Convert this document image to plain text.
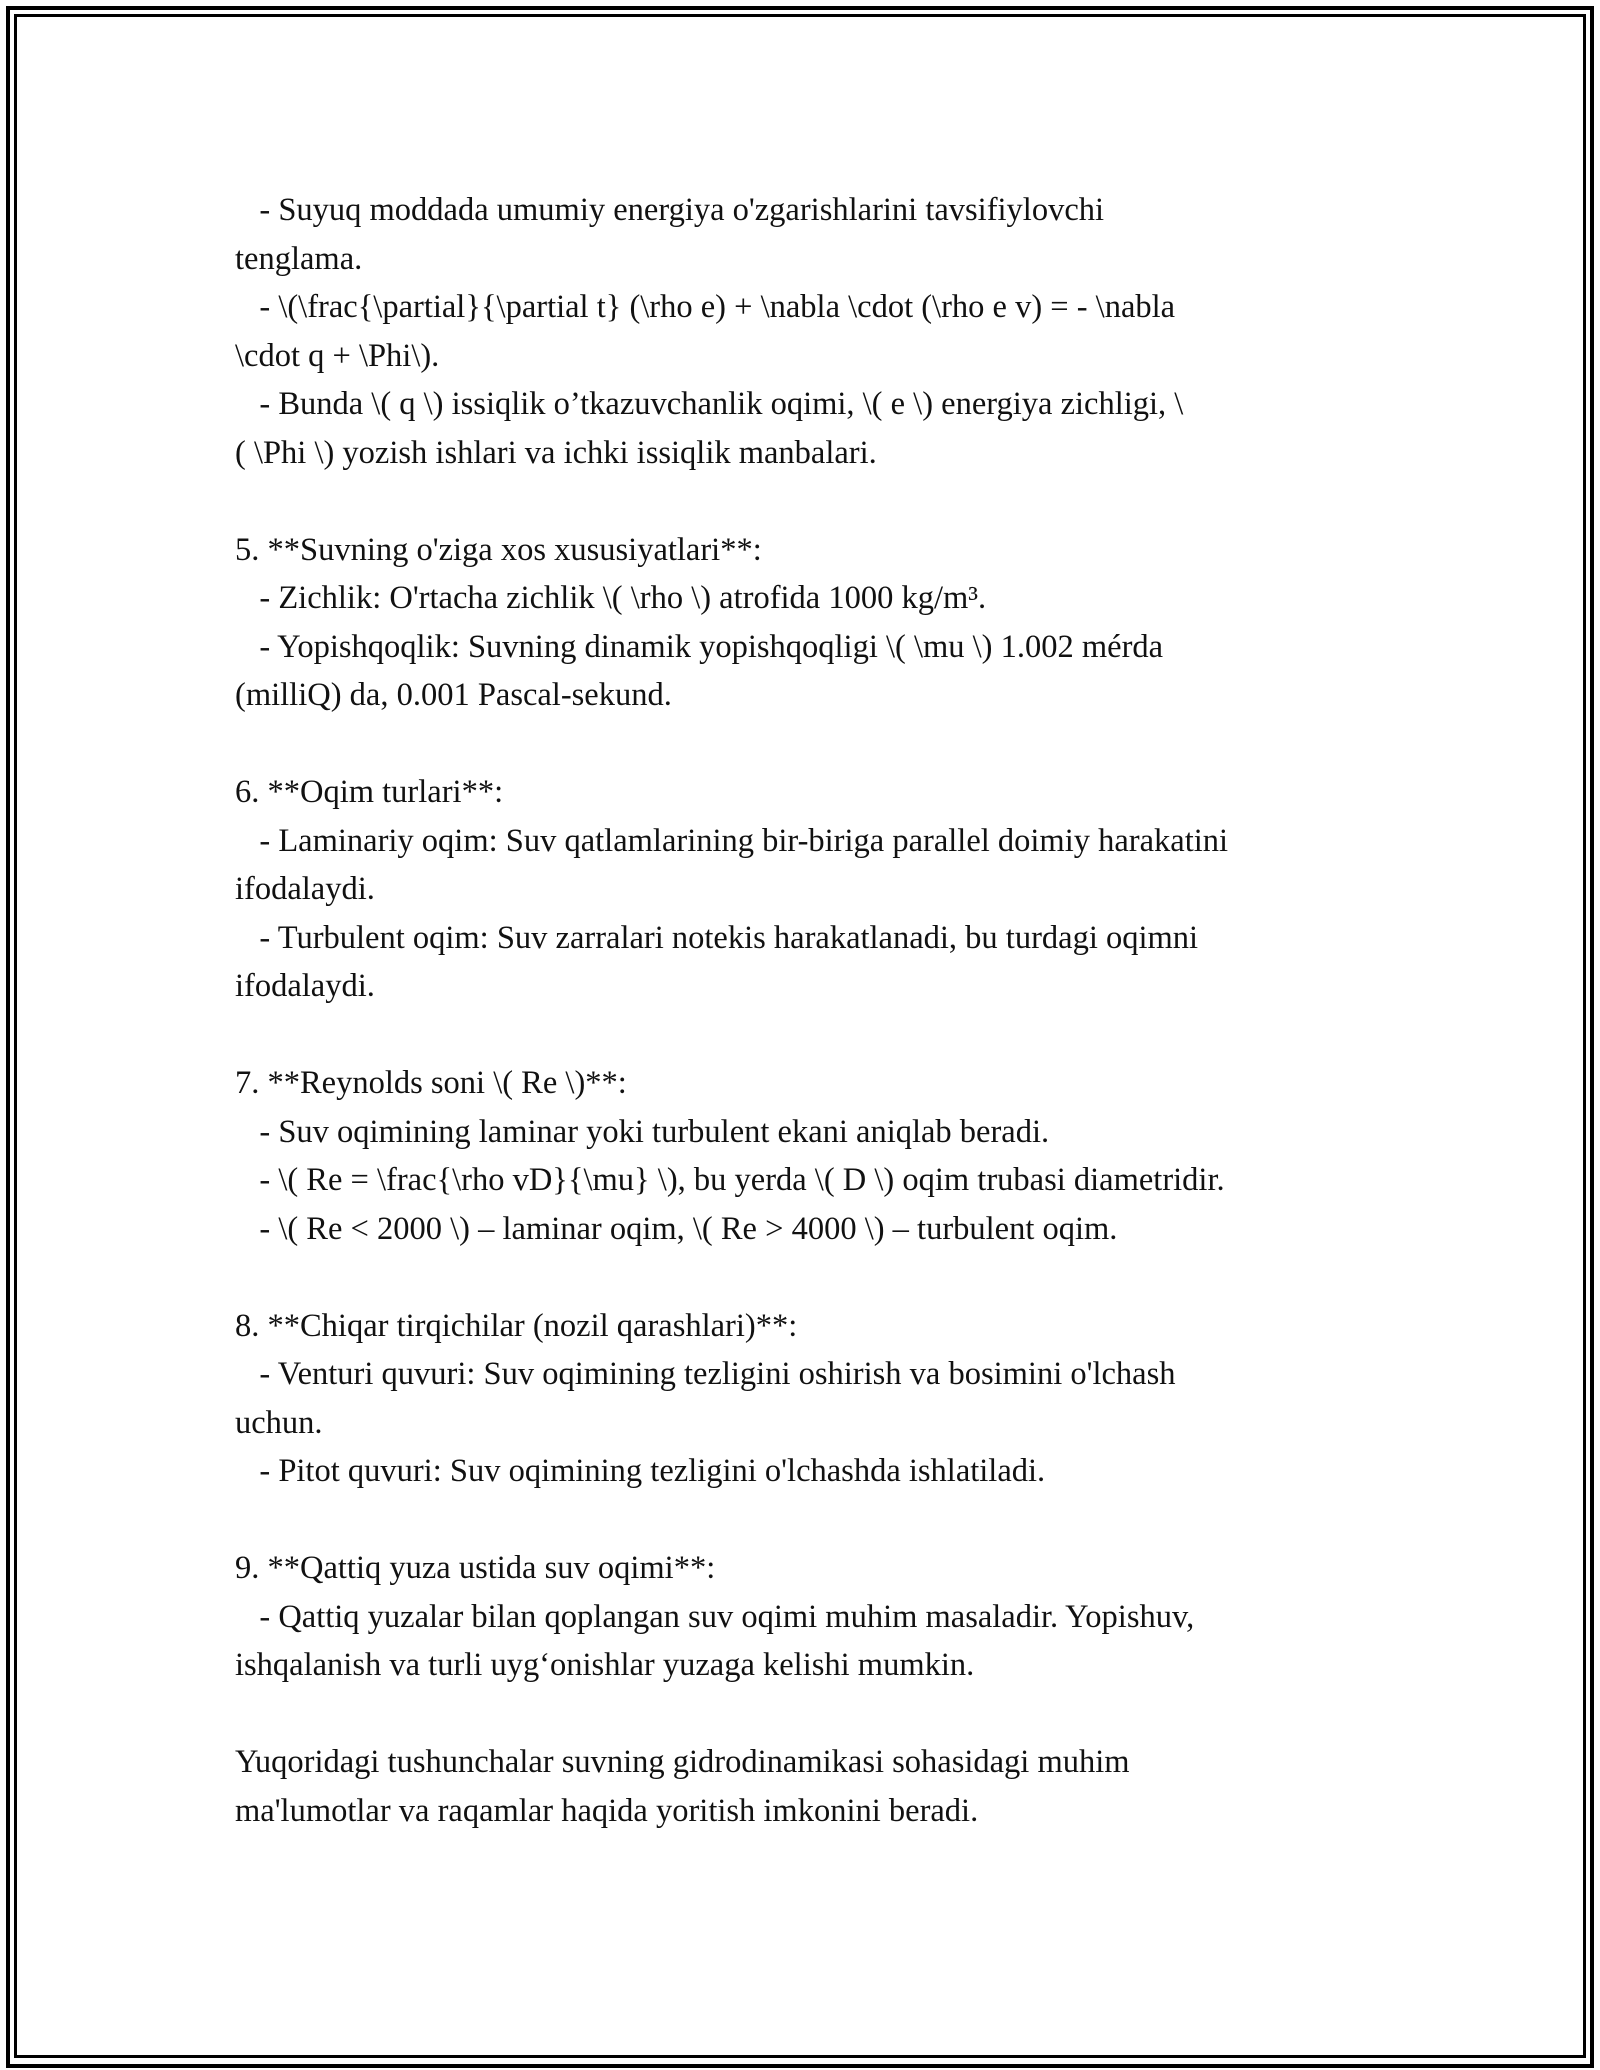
- Suyuq moddada umumiy energiya o'zgarishlarini tavsifiylovchi
tenglama.
- \(\frac{\partial}{\partial t} (\rho e) + \nabla \cdot (\rho e v) = - \nabla
\cdot q + \Phi\).
- Bunda \( q \) issiqlik o’tkazuvchanlik oqimi, \( e \) energiya zichligi, \
( \Phi \) yozish ishlari va ichki issiqlik manbalari.
5. **Suvning o'ziga xos xususiyatlari**:
- Zichlik: O'rtacha zichlik \( \rho \) atrofida 1000 kg/m³.
- Yopishqoqlik: Suvning dinamik yopishqoqligi \( \mu \) 1.002 mérda
(milliQ) da, 0.001 Pascal-sekund.
6. **Oqim turlari**:
- Laminariy oqim: Suv qatlamlarining bir-biriga parallel doimiy harakatini
ifodalaydi.
- Turbulent oqim: Suv zarralari notekis harakatlanadi, bu turdagi oqimni
ifodalaydi.
7. **Reynolds soni \( Re \)**:
- Suv oqimining laminar yoki turbulent ekani aniqlab beradi.
- \( Re = \frac{\rho vD}{\mu} \), bu yerda \( D \) oqim trubasi diametridir.
- \( Re < 2000 \) – laminar oqim, \( Re > 4000 \) – turbulent oqim.
8. **Chiqar tirqichilar (nozil qarashlari)**:
- Venturi quvuri: Suv oqimining tezligini oshirish va bosimini o'lchash
uchun.
- Pitot quvuri: Suv oqimining tezligini o'lchashda ishlatiladi.
9. **Qattiq yuza ustida suv oqimi**:
- Qattiq yuzalar bilan qoplangan suv oqimi muhim masaladir. Yopishuv,
ishqalanish va turli uyg‘onishlar yuzaga kelishi mumkin.
Yuqoridagi tushunchalar suvning gidrodinamikasi sohasidagi muhim
ma'lumotlar va raqamlar haqida yoritish imkonini beradi.
